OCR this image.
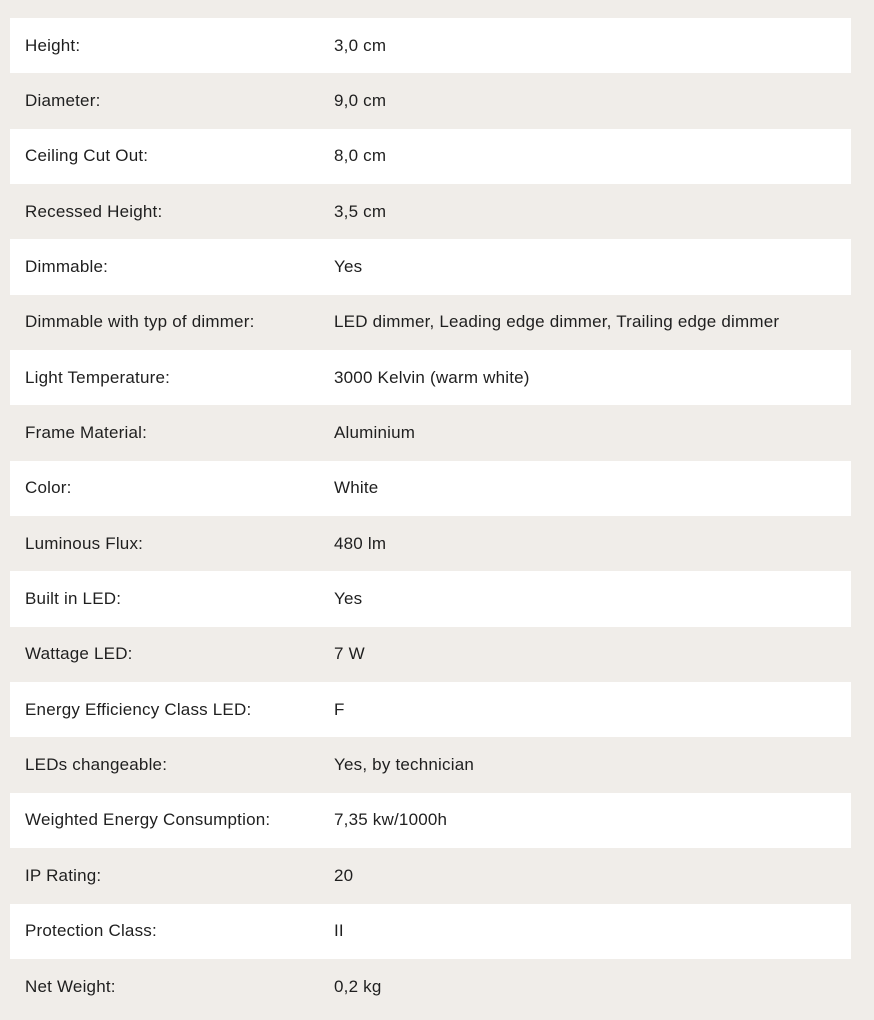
Height:	3,0 cm
Diameter:	9,0 cm
Ceiling Cut Out:	8,0 cm
Recessed Height:	3,5 cm
Dimmable:	Yes
Dimmable with typ of dimmer:	LED dimmer, Leading edge dimmer, Trailing edge dimmer
Light Temperature:	3000 Kelvin (warm white)
Frame Material:	Aluminium
Color:	White
Luminous Flux:	480 lm
Built in LED:	Yes
Wattage LED:	7 W
Energy Efficiency Class LED:	F
LEDs changeable:	Yes, by technician
Weighted Energy Consumption:	7,35 kw/1000h
IP Rating:	20
Protection Class:	II
Net Weight:	0,2 kg
